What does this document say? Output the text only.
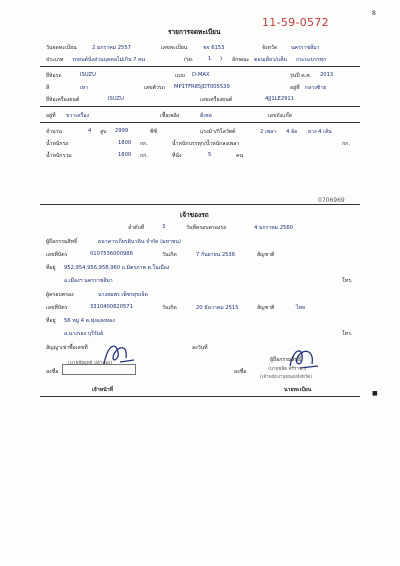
8
11-59-0572
รายการจดทะเบียน
วันจดทะเบียน	2 มกราคม 2557	เลขทะเบียน	ชจ 6153	จังหวัด	นครราชสีมา
ประเภท รถยนต์นั่งส่วนบุคคลไม่เกิน 7 คน	(รย.	1 ) ลักษณะ ตอนเดียว/แค็บ กระบะบรรทุก
ยี่ห้อรถ	ISUZU	แบบ D-MAX	รุ่นปี ค.ศ. 2013
สี	เทา	เลขตัวรถ MP1TFR85JDT005539	อยู่ที่ กลางซ้าย
ยี่ห้อเครื่องยนต์	ISUZU	เลขเครื่องยนต์	4JJ1LE2911
อยู่ที่ ขวาเครื่อง	เชื้อเพลิง	ดีเซล	เลขถังแก๊ส
จำนวน	4 สูบ 2999	ซีซี	แรงม้า/กิโลวัตต์	2 เพลา 4 ล้อ ยาง 4 เส้น
น้ำหนักรถ	1800 กก.	น้ำหนักบรรทุก/น้ำหนักลงเพลา	กก.
น้ำหนักรวม	1800 กก.	ที่นั่ง	5	คน
0706969
เจ้าของรถ
ลำดับที่	3	วันที่ครอบครองรถ	4 มกราคม 2560
ผู้ถือกรรมสิทธิ์	ธนาคารเกียรตินาคิน จำกัด (มหาชน)
เลขที่บัตร	0107536000986	วันเกิด	7 กันยายน 2536	สัญชาติ
ที่อยู่ 952,954,956,958,960 ถ.มิตรภาพ ต.ในเมือง
อ.เมืองฯ นครราชสีมา	โทร.
ผู้ครอบครอง	นางสมพร เพ็ชรสุขเจ็ด
เลขที่บัตร	3310400820571	วันเกิด	20 ธันวาคม 2515	สัญชาติ	ไทย
ที่อยู่ 56 หมู่ 4 ต.ทุ่งแสงทอง
อ.นางรอง บุรีรัมย์	โทร.
สัญญาเช่าซื้อเลขที่	ลงวันที่
ลงชื่อ
(นายชัยยุทธ์ ปลาทอง)
เจ้าหน้าที่
ผู้ถือกรรมสิทธิ์
ลงชื่อ	(นายชลิต ศรีราชา)
(เจ้าพนักงานขนส่งจังหวัด)
นายทะเบียน	■
